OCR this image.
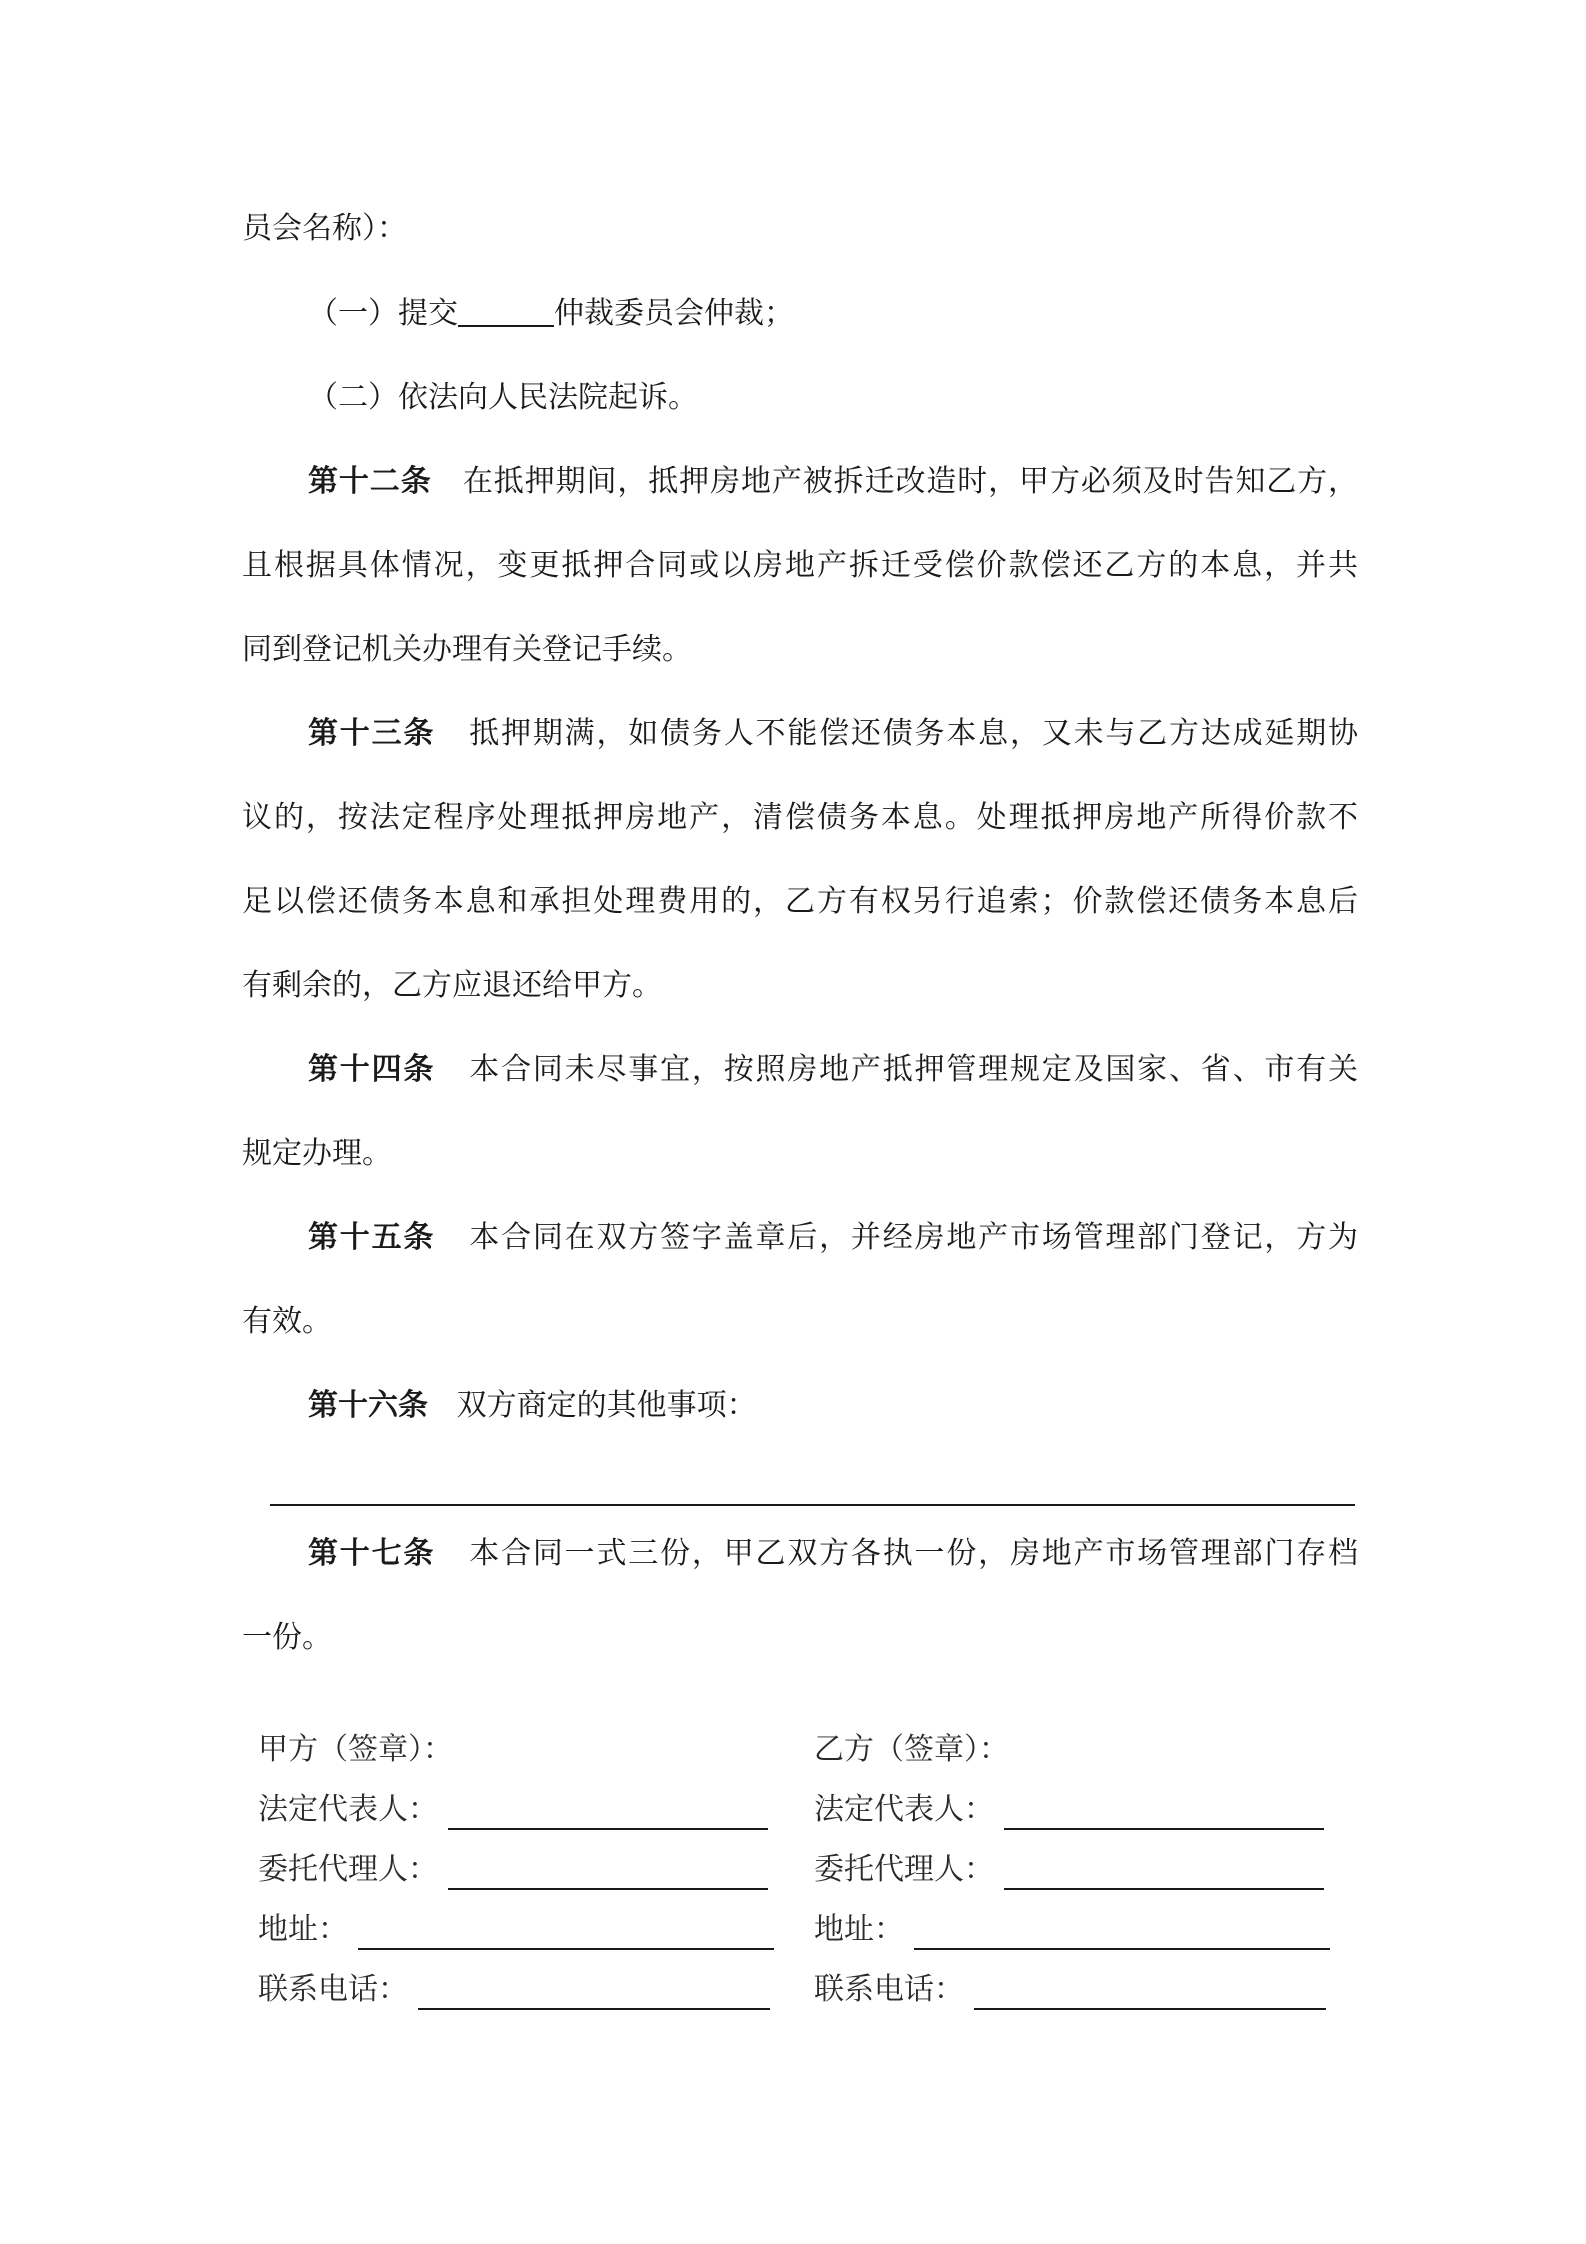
员会名称）：
（一）提交	仲裁委员会仲裁；
（二）依法向人民法院起诉。
第十二条 在抵押期间，抵押房地产被拆迁改造时，甲方必须及时告知乙方，
且根据具体情况，变更抵押合同或以房地产拆迁受偿价款偿还乙方的本息，并共
同到登记机关办理有关登记手续。
第十三条 抵押期满，如债务人不能偿还债务本息，又未与乙方达成延期协
议的，按法定程序处理抵押房地产，清偿债务本息。处理抵押房地产所得价款不
足以偿还债务本息和承担处理费用的，乙方有权另行追索；价款偿还债务本息后
有剩余的，乙方应退还给甲方。
第十四条 本合同未尽事宜，按照房地产抵押管理规定及国家、省、市有关
规定办理。
第十五条 本合同在双方签字盖章后，并经房地产市场管理部门登记，方为
有效。
第十六条 双方商定的其他事项：
第十七条 本合同一式三份，甲乙双方各执一份，房地产市场管理部门存档
一份。
甲方（签章）：
法定代表人：
委托代理人：
地址：
联系电话：
乙方（签章）：
法定代表人：
委托代理人：
地址：
联系电话：
